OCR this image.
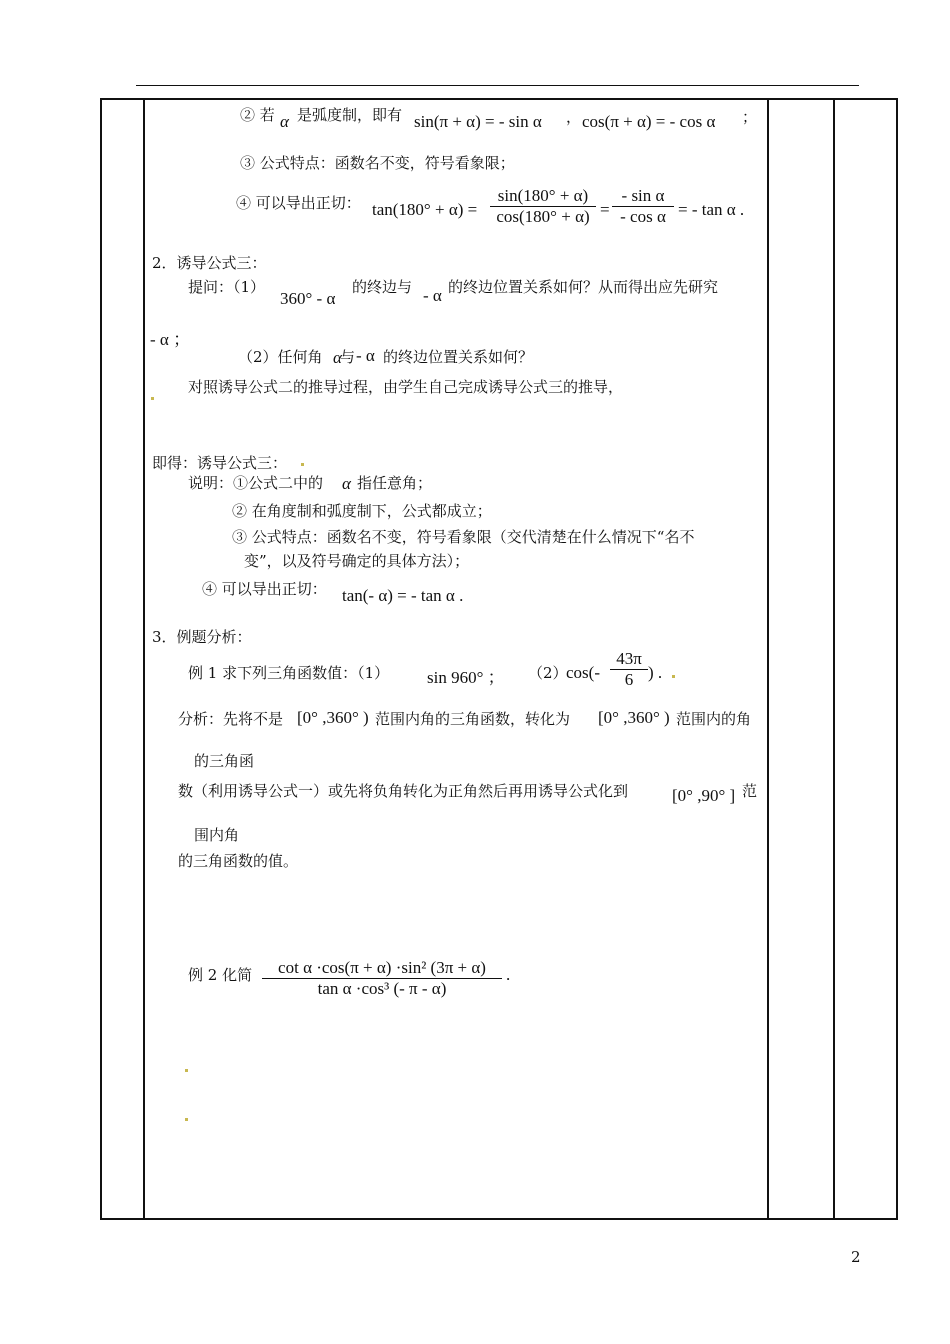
② 若 α 是弧度制，即有 sin(π + α) = - sin α ， cos(π + α) = - cos α ；
③ 公式特点：函数名不变，符号看象限；
④ 可以导出正切： $\tan(180^\circ + \alpha) = \frac{\sin(180^\circ + \alpha)}{\cos(180^\circ + \alpha)} = \frac{\text{- sin α}}{\text{- cos α}}$ = - tan α .
2．诱导公式三：
提问：（1）
360° - α
的终边与 - α 的终边位置关系如何？从而得出应先研究
- α ；
（2）任何角 α
与 - α 的终边位置关系如何？
对照诱导公式二的推导过程，由学生自己完成诱导公式三的推导，
即得：诱导公式三：
说明：①公式二中的 α 指任意角；
② 在角度制和弧度制下，公式都成立；
③ 公式特点：函数名不变，符号看象限（交代清楚在什么情况下“名不
变”，以及符号确定的具体方法）；
④ 可以导出正切： tan(- α) = - tan α .
3．例题分析：
例 1 求下列三角函数值：（1） sin 960° ； （2）
$\cos(- \frac{43\pi}{6}$ ) .
分析：先将不是 [0° ,360° ) 范围内角的三角函数，转化为 [0° ,360° ) 范围内的角
的三角函
数（利用诱导公式一）或先将负角转化为正角然后再用诱导公式化到	[0° ,90° ] 范
围内角
的三角函数的值。
例 2 化简 $\frac{\text{cot α ·cos(π + α) ·sin² (3π + α)}}{\text{tan α ·cos³ (- π - α)}}$ .
2
